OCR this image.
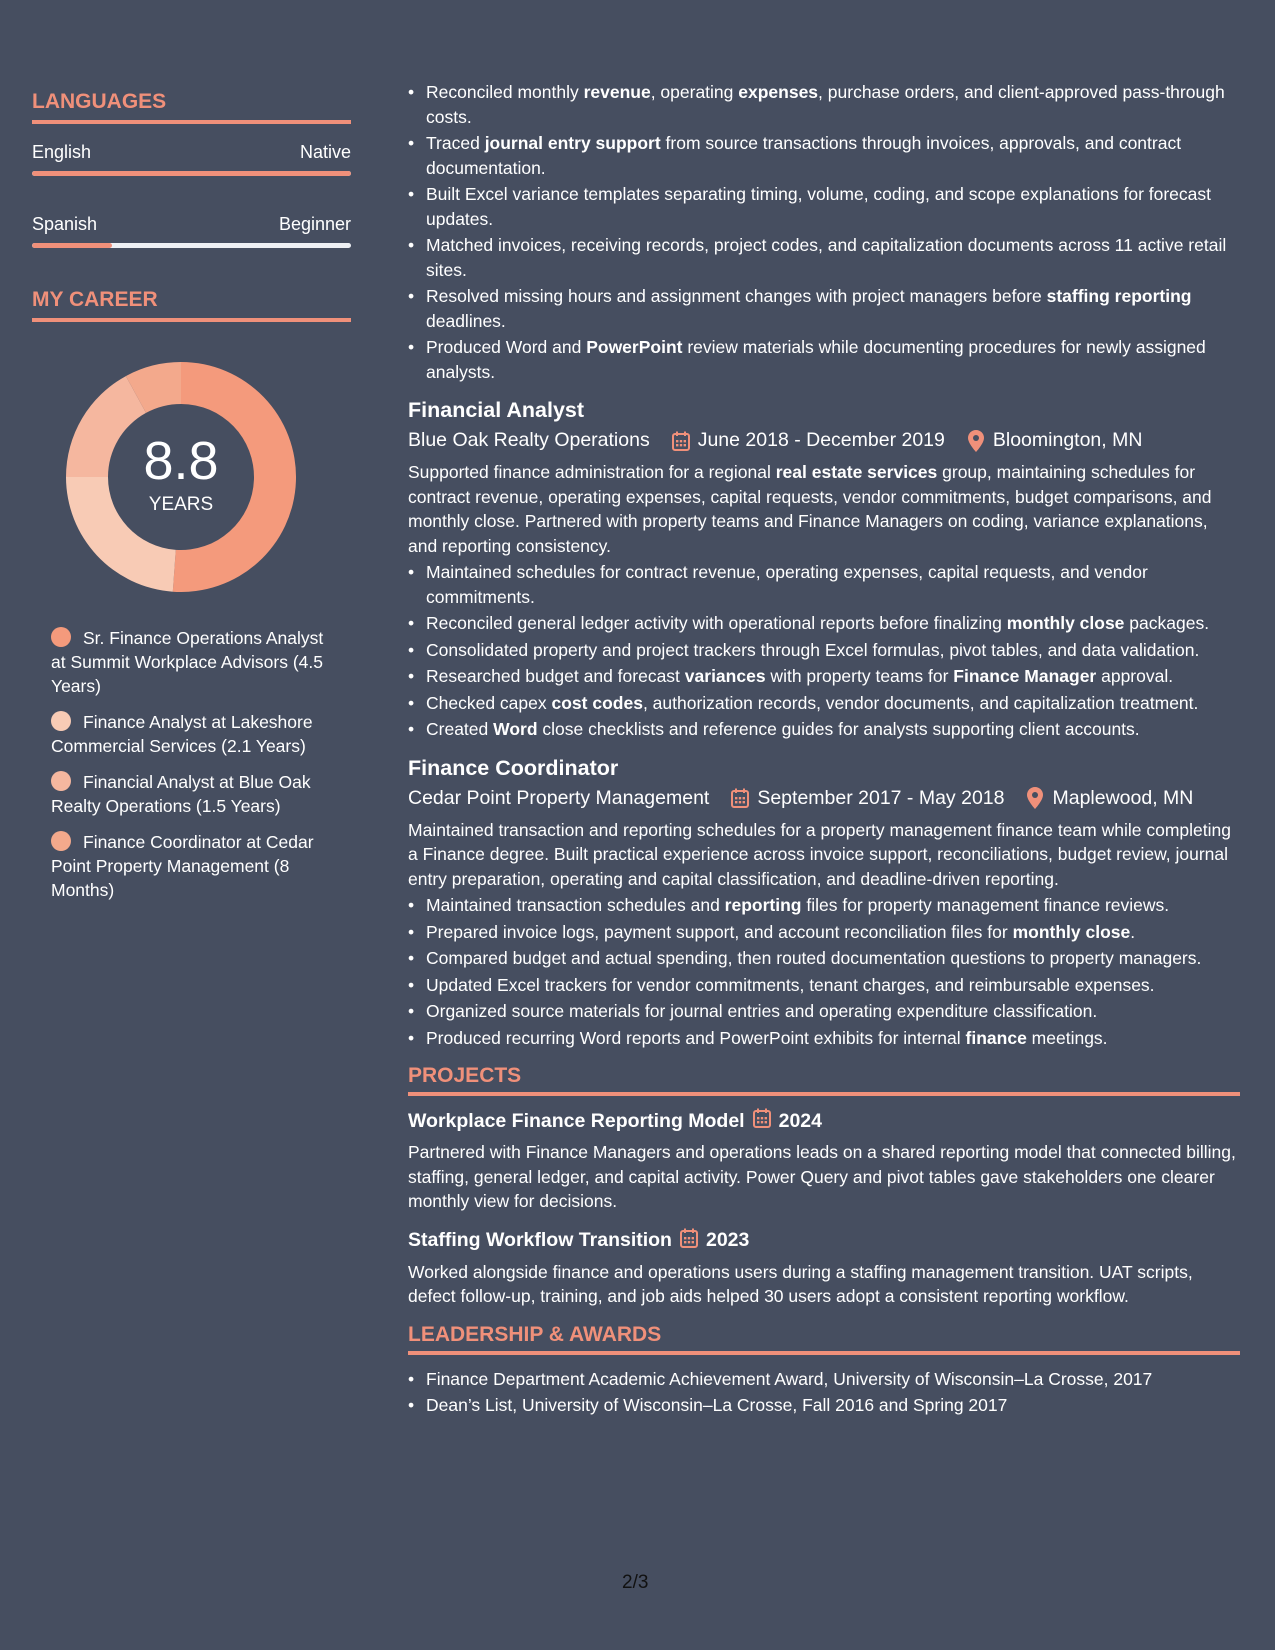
LANGUAGES
English	Native
Spanish	Beginner
MY CAREER
8.8
YEARS
Sr. Finance Operations Analyst at Summit Workplace Advisors (4.5 Years)
Finance Analyst at Lakeshore Commercial Services (2.1 Years)
Financial Analyst at Blue Oak Realty Operations (1.5 Years)
Finance Coordinator at Cedar Point Property Management (8 Months)
• Reconciled monthly revenue, operating expenses, purchase orders, and client-approved pass-through costs.
• Traced journal entry support from source transactions through invoices, approvals, and contract documentation.
• Built Excel variance templates separating timing, volume, coding, and scope explanations for forecast updates.
• Matched invoices, receiving records, project codes, and capitalization documents across 11 active retail sites.
• Resolved missing hours and assignment changes with project managers before staffing reporting deadlines.
• Produced Word and PowerPoint review materials while documenting procedures for newly assigned analysts.
Financial Analyst
Blue Oak Realty Operations June 2018 - December 2019 Bloomington, MN

Supported finance administration for a regional real estate services group, maintaining schedules for contract revenue, operating expenses, capital requests, vendor commitments, budget comparisons, and monthly close. Partnered with property teams and Finance Managers on coding, variance explanations, and reporting consistency.

• Maintained schedules for contract revenue, operating expenses, capital requests, and vendor commitments.
• Reconciled general ledger activity with operational reports before finalizing monthly close packages.
• Consolidated property and project trackers through Excel formulas, pivot tables, and data validation.
• Researched budget and forecast variances with property teams for Finance Manager approval.
• Checked capex cost codes, authorization records, vendor documents, and capitalization treatment.
• Created Word close checklists and reference guides for analysts supporting client accounts.
Finance Coordinator
Cedar Point Property Management September 2017 - May 2018 Maplewood, MN

Maintained transaction and reporting schedules for a property management finance team while completing a Finance degree. Built practical experience across invoice support, reconciliations, budget review, journal entry preparation, operating and capital classification, and deadline-driven reporting.

• Maintained transaction schedules and reporting files for property management finance reviews.
• Prepared invoice logs, payment support, and account reconciliation files for monthly close.
• Compared budget and actual spending, then routed documentation questions to property managers.
• Updated Excel trackers for vendor commitments, tenant charges, and reimbursable expenses.
• Organized source materials for journal entries and operating expenditure classification.
• Produced recurring Word reports and PowerPoint exhibits for internal finance meetings.
PROJECTS
Workplace Finance Reporting Model 2024

Partnered with Finance Managers and operations leads on a shared reporting model that connected billing, staffing, general ledger, and capital activity. Power Query and pivot tables gave stakeholders one clearer monthly view for decisions.

Staffing Workflow Transition 2023

Worked alongside finance and operations users during a staffing management transition. UAT scripts, defect follow-up, training, and job aids helped 30 users adopt a consistent reporting workflow.

LEADERSHIP & AWARDS
• Finance Department Academic Achievement Award, University of Wisconsin–La Crosse, 2017
• Dean’s List, University of Wisconsin–La Crosse, Fall 2016 and Spring 2017
2/3
